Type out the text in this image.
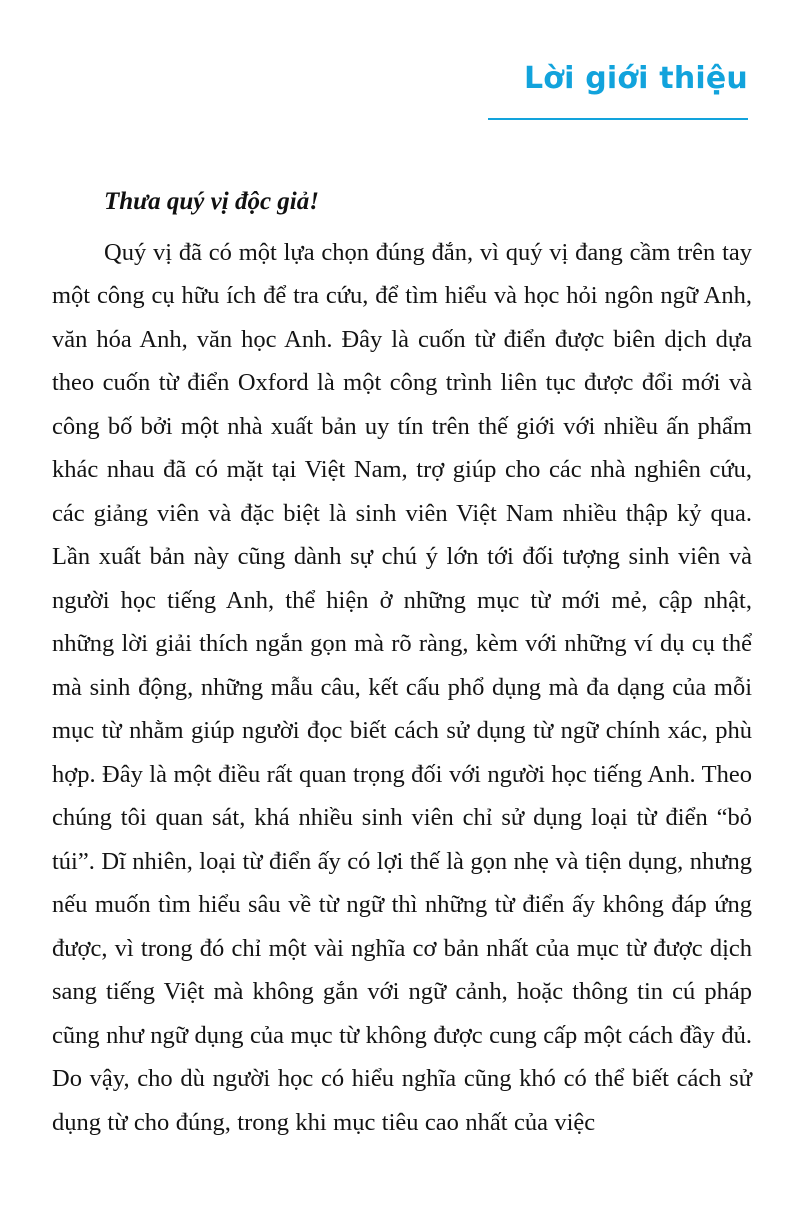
Lời giới thiệu

Thưa quý vị độc giả!

Quý vị đã có một lựa chọn đúng đắn, vì quý vị đang cầm trên tay một công cụ hữu ích để tra cứu, để tìm hiểu và học hỏi ngôn ngữ Anh, văn hóa Anh, văn học Anh. Đây là cuốn từ điển được biên dịch dựa theo cuốn từ điển Oxford là một công trình liên tục được đổi mới và công bố bởi một nhà xuất bản uy tín trên thế giới với nhiều ấn phẩm khác nhau đã có mặt tại Việt Nam, trợ giúp cho các nhà nghiên cứu, các giảng viên và đặc biệt là sinh viên Việt Nam nhiều thập kỷ qua. Lần xuất bản này cũng dành sự chú ý lớn tới đối tượng sinh viên và người học tiếng Anh, thể hiện ở những mục từ mới mẻ, cập nhật, những lời giải thích ngắn gọn mà rõ ràng, kèm với những ví dụ cụ thể mà sinh động, những mẫu câu, kết cấu phổ dụng mà đa dạng của mỗi mục từ nhằm giúp người đọc biết cách sử dụng từ ngữ chính xác, phù hợp. Đây là một điều rất quan trọng đối với người học tiếng Anh. Theo chúng tôi quan sát, khá nhiều sinh viên chỉ sử dụng loại từ điển “bỏ túi”. Dĩ nhiên, loại từ điển ấy có lợi thế là gọn nhẹ và tiện dụng, nhưng nếu muốn tìm hiểu sâu về từ ngữ thì những từ điển ấy không đáp ứng được, vì trong đó chỉ một vài nghĩa cơ bản nhất của mục từ được dịch sang tiếng Việt mà không gắn với ngữ cảnh, hoặc thông tin cú pháp cũng như ngữ dụng của mục từ không được cung cấp một cách đầy đủ. Do vậy, cho dù người học có hiểu nghĩa cũng khó có thể biết cách sử dụng từ cho đúng, trong khi mục tiêu cao nhất của việc
